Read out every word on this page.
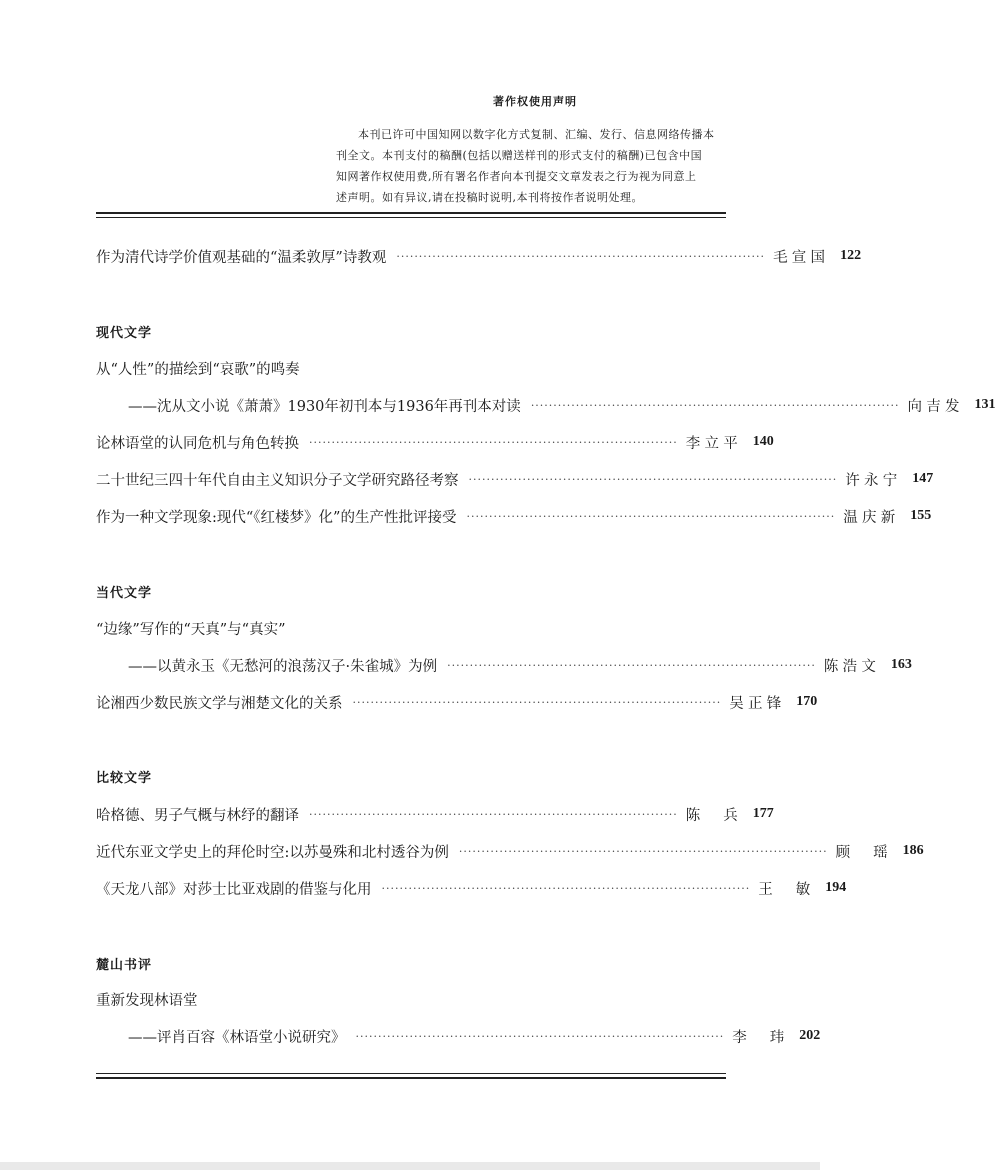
著作权使用声明
本刊已许可中国知网以数字化方式复制、汇编、发行、信息网络传播本
刊全文。本刊支付的稿酬(包括以赠送样刊的形式支付的稿酬)已包含中国
知网著作权使用费,所有署名作者向本刊提交文章发表之行为视为同意上
述声明。如有异议,请在投稿时说明,本刊将按作者说明处理。
作为清代诗学价值观基础的“温柔敦厚”诗教观 ·················································································· 毛宣国	122
现代文学
从“人性”的描绘到“哀歌”的鸣奏
——沈从文小说《萧萧》1930年初刊本与1936年再刊本对读 ·················································································· 向吉发	131
论林语堂的认同危机与角色转换 ·················································································· 李立平	140
二十世纪三四十年代自由主义知识分子文学研究路径考察 ·················································································· 许永宁	147
作为一种文学现象:现代“《红楼梦》化”的生产性批评接受 ·················································································· 温庆新	155
当代文学
“边缘”写作的“天真”与“真实”
——以黄永玉《无愁河的浪荡汉子·朱雀城》为例 ·················································································· 陈浩文	163
论湘西少数民族文学与湘楚文化的关系 ·················································································· 吴正锋	170
比较文学
哈格德、男子气概与林纾的翻译 ·················································································· 陈兵	177
近代东亚文学史上的拜伦时空:以苏曼殊和北村透谷为例 ·················································································· 顾瑶	186
《天龙八部》对莎士比亚戏剧的借鉴与化用 ·················································································· 王敏	194
麓山书评
重新发现林语堂
——评肖百容《林语堂小说研究》 ·················································································· 李玮	202
